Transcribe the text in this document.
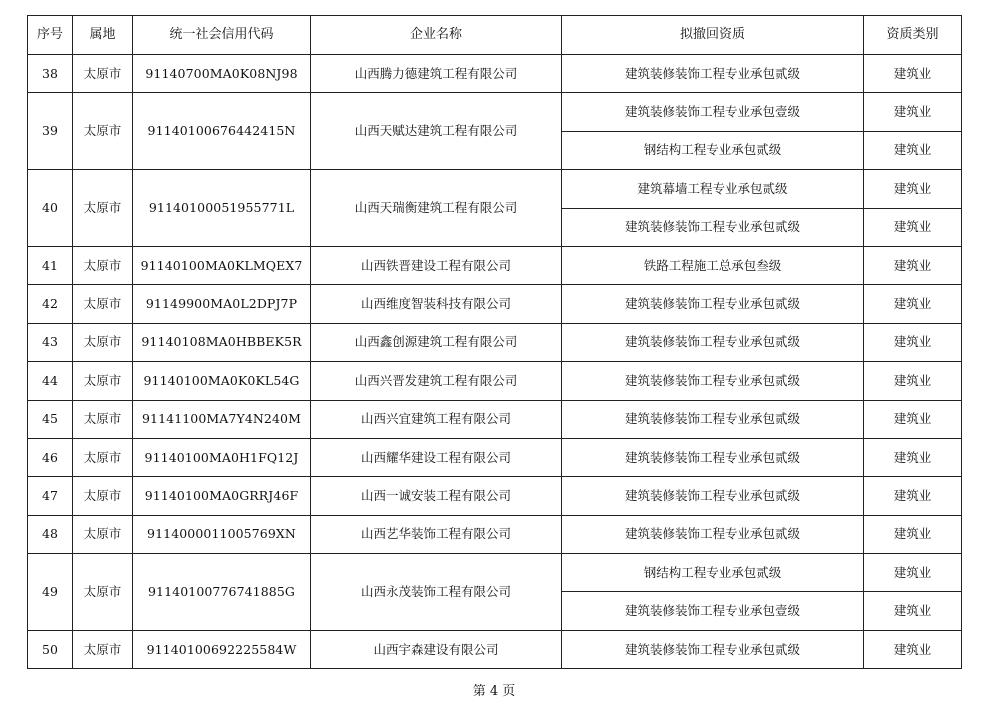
序号	属地	统一社会信用代码	企业名称	拟撤回资质	资质类别
38	太原市	91140700MA0K08NJ98	山西腾力德建筑工程有限公司	建筑装修装饰工程专业承包贰级	建筑业
39	太原市	91140100676442415N	山西天赋达建筑工程有限公司	建筑装修装饰工程专业承包壹级	建筑业
				钢结构工程专业承包贰级	建筑业
40	太原市	91140100051955771L	山西天瑞衡建筑工程有限公司	建筑幕墙工程专业承包贰级	建筑业
				建筑装修装饰工程专业承包贰级	建筑业
41	太原市	91140100MA0KLMQEX7	山西铁晋建设工程有限公司	铁路工程施工总承包叁级	建筑业
42	太原市	91149900MA0L2DPJ7P	山西维度智装科技有限公司	建筑装修装饰工程专业承包贰级	建筑业
43	太原市	91140108MA0HBBEK5R	山西鑫创源建筑工程有限公司	建筑装修装饰工程专业承包贰级	建筑业
44	太原市	91140100MA0K0KL54G	山西兴晋发建筑工程有限公司	建筑装修装饰工程专业承包贰级	建筑业
45	太原市	91141100MA7Y4N240M	山西兴宜建筑工程有限公司	建筑装修装饰工程专业承包贰级	建筑业
46	太原市	91140100MA0H1FQ12J	山西耀华建设工程有限公司	建筑装修装饰工程专业承包贰级	建筑业
47	太原市	91140100MA0GRRJ46F	山西一诚安装工程有限公司	建筑装修装饰工程专业承包贰级	建筑业
48	太原市	9114000011005769XN	山西艺华装饰工程有限公司	建筑装修装饰工程专业承包贰级	建筑业
49	太原市	91140100776741885G	山西永茂装饰工程有限公司	钢结构工程专业承包贰级	建筑业
				建筑装修装饰工程专业承包壹级	建筑业
50	太原市	91140100692225584W	山西宇森建设有限公司	建筑装修装饰工程专业承包贰级	建筑业
第 4 页
